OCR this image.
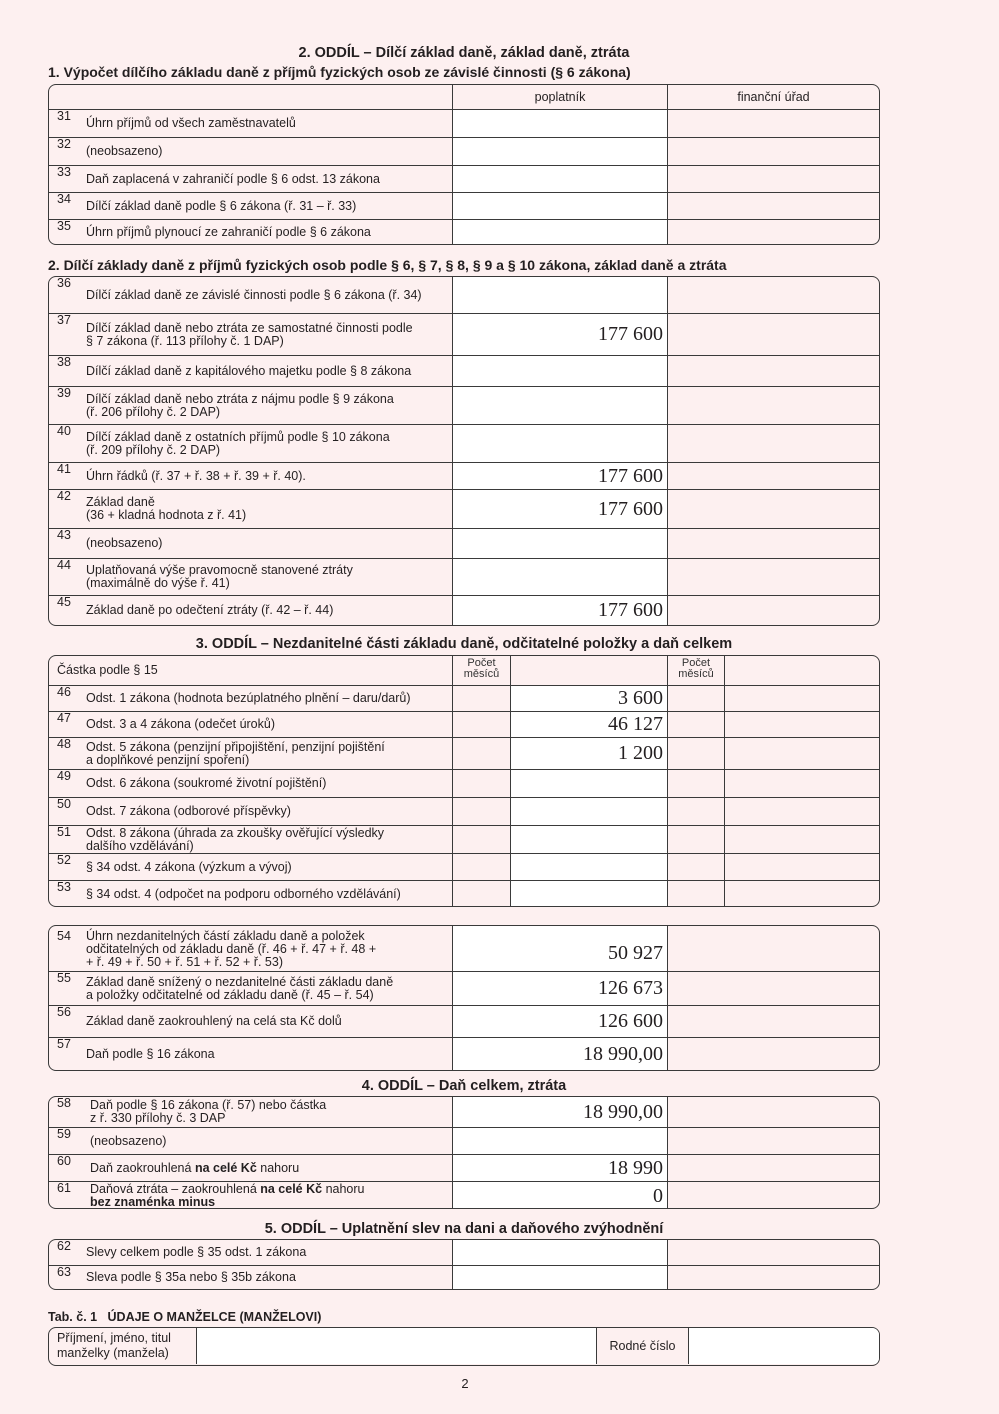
2. ODDÍL – Dílčí základ daně, základ daně, ztráta
1. Výpočet dílčího základu daně z příjmů fyzických osob ze závislé činnosti (§ 6 zákona)
poplatník	finanční úřad
31	Úhrn příjmů od všech zaměstnavatelů
32	(neobsazeno)
33	Daň zaplacená v zahraničí podle § 6 odst. 13 zákona
34	Dílčí základ daně podle § 6 zákona (ř. 31 – ř. 33)
35	Úhrn příjmů plynoucí ze zahraničí podle § 6 zákona
2. Dílčí základy daně z příjmů fyzických osob podle § 6, § 7, § 8, § 9 a § 10 zákona, základ daně a ztráta
36
Dílčí základ daně ze závislé činnosti podle § 6 zákona (ř. 34)
37
Dílčí základ daně nebo ztráta ze samostatné činnosti podle
§ 7 zákona (ř. 113 přílohy č. 1 DAP)	177 600
38
Dílčí základ daně z kapitálového majetku podle § 8 zákona
39	Dílčí základ daně nebo ztráta z nájmu podle § 9 zákona
(ř. 206 přílohy č. 2 DAP)
40	Dílčí základ daně z ostatních příjmů podle § 10 zákona
(ř. 209 přílohy č. 2 DAP)
41	Úhrn řádků (ř. 37 + ř. 38 + ř. 39 + ř. 40).	177 600
42	Základ daně
(36 + kladná hodnota z ř. 41)	177 600
43
(neobsazeno)
44	Uplatňovaná výše pravomocně stanovené ztráty
(maximálně do výše ř. 41)
45
Základ daně po odečtení ztráty (ř. 42 – ř. 44)	177 600
3. ODDÍL – Nezdanitelné části základu daně, odčitatelné položky a daň celkem
Částka podle § 15	Počet
měsíců
Počet
měsíců
46	Odst. 1 zákona (hodnota bezúplatného plnění – daru/darů)	3 600
47	Odst. 3 a 4 zákona (odečet úroků)	46 127
48	Odst. 5 zákona (penzijní připojištění, penzijní pojištění
a doplňkové penzijní spoření)	1 200
49	Odst. 6 zákona (soukromé životní pojištění)
50	Odst. 7 zákona (odborové příspěvky)
51	Odst. 8 zákona (úhrada za zkoušky ověřující výsledky
dalšího vzdělávání)
52	§ 34 odst. 4 zákona (výzkum a vývoj)
53	§ 34 odst. 4 (odpočet na podporu odborného vzdělávání)
54	Úhrn nezdanitelných částí základu daně a položek
odčitatelných od základu daně (ř. 46 + ř. 47 + ř. 48 +
+ ř. 49 + ř. 50 + ř. 51 + ř. 52 + ř. 53)	50 927
55	Základ daně snížený o nezdanitelné části základu daně
a položky odčitatelné od základu daně (ř. 45 – ř. 54)	126 673
56
Základ daně zaokrouhlený na celá sta Kč dolů	126 600
57
Daň podle § 16 zákona	18 990,00
4. ODDÍL – Daň celkem, ztráta
58	Daň podle § 16 zákona (ř. 57) nebo částka
z ř. 330 přílohy č. 3 DAP	18 990,00
59	(neobsazeno)
60	Daň zaokrouhlená na celé Kč nahoru	18 990
61	Daňová ztráta – zaokrouhlená na celé Kč nahoru
bez znaménka minus	0
5. ODDÍL – Uplatnění slev na dani a daňového zvýhodnění
62	Slevy celkem podle § 35 odst. 1 zákona
63	Sleva podle § 35a nebo § 35b zákona
Tab. č. 1   ÚDAJE O MANŽELCE (MANŽELOVI)
Příjmení, jméno, titul
manželky (manžela)	Rodné číslo
2
